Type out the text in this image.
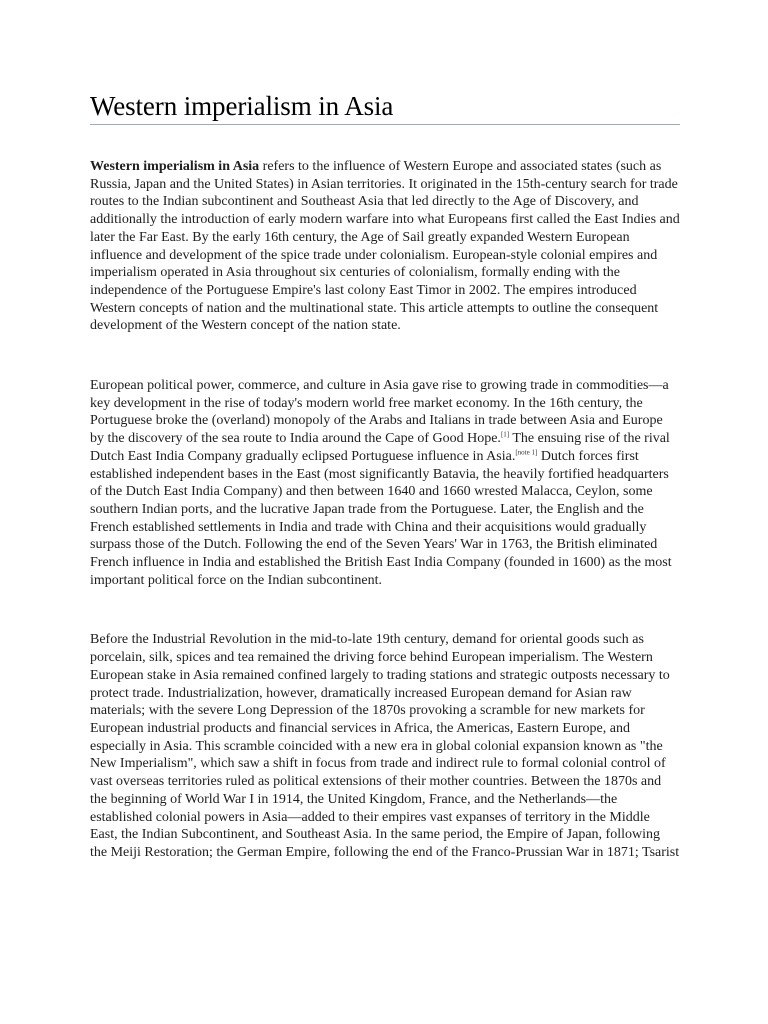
Western imperialism in Asia

Western imperialism in Asia refers to the influence of Western Europe and associated states (such as Russia, Japan and the United States) in Asian territories. It originated in the 15th-century search for trade routes to the Indian subcontinent and Southeast Asia that led directly to the Age of Discovery, and additionally the introduction of early modern warfare into what Europeans first called the East Indies and later the Far East. By the early 16th century, the Age of Sail greatly expanded Western European influence and development of the spice trade under colonialism. European-style colonial empires and imperialism operated in Asia throughout six centuries of colonialism, formally ending with the independence of the Portuguese Empire's last colony East Timor in 2002. The empires introduced Western concepts of nation and the multinational state. This article attempts to outline the consequent development of the Western concept of the nation state.

European political power, commerce, and culture in Asia gave rise to growing trade in commodities—a key development in the rise of today's modern world free market economy. In the 16th century, the Portuguese broke the (overland) monopoly of the Arabs and Italians in trade between Asia and Europe by the discovery of the sea route to India around the Cape of Good Hope.[1] The ensuing rise of the rival Dutch East India Company gradually eclipsed Portuguese influence in Asia.[note 1] Dutch forces first established independent bases in the East (most significantly Batavia, the heavily fortified headquarters of the Dutch East India Company) and then between 1640 and 1660 wrested Malacca, Ceylon, some southern Indian ports, and the lucrative Japan trade from the Portuguese. Later, the English and the French established settlements in India and trade with China and their acquisitions would gradually surpass those of the Dutch. Following the end of the Seven Years' War in 1763, the British eliminated French influence in India and established the British East India Company (founded in 1600) as the most important political force on the Indian subcontinent.

Before the Industrial Revolution in the mid-to-late 19th century, demand for oriental goods such as porcelain, silk, spices and tea remained the driving force behind European imperialism. The Western European stake in Asia remained confined largely to trading stations and strategic outposts necessary to protect trade. Industrialization, however, dramatically increased European demand for Asian raw materials; with the severe Long Depression of the 1870s provoking a scramble for new markets for European industrial products and financial services in Africa, the Americas, Eastern Europe, and especially in Asia. This scramble coincided with a new era in global colonial expansion known as "the New Imperialism", which saw a shift in focus from trade and indirect rule to formal colonial control of vast overseas territories ruled as political extensions of their mother countries. Between the 1870s and the beginning of World War I in 1914, the United Kingdom, France, and the Netherlands—the established colonial powers in Asia—added to their empires vast expanses of territory in the Middle East, the Indian Subcontinent, and Southeast Asia. In the same period, the Empire of Japan, following the Meiji Restoration; the German Empire, following the end of the Franco-Prussian War in 1871; Tsarist
